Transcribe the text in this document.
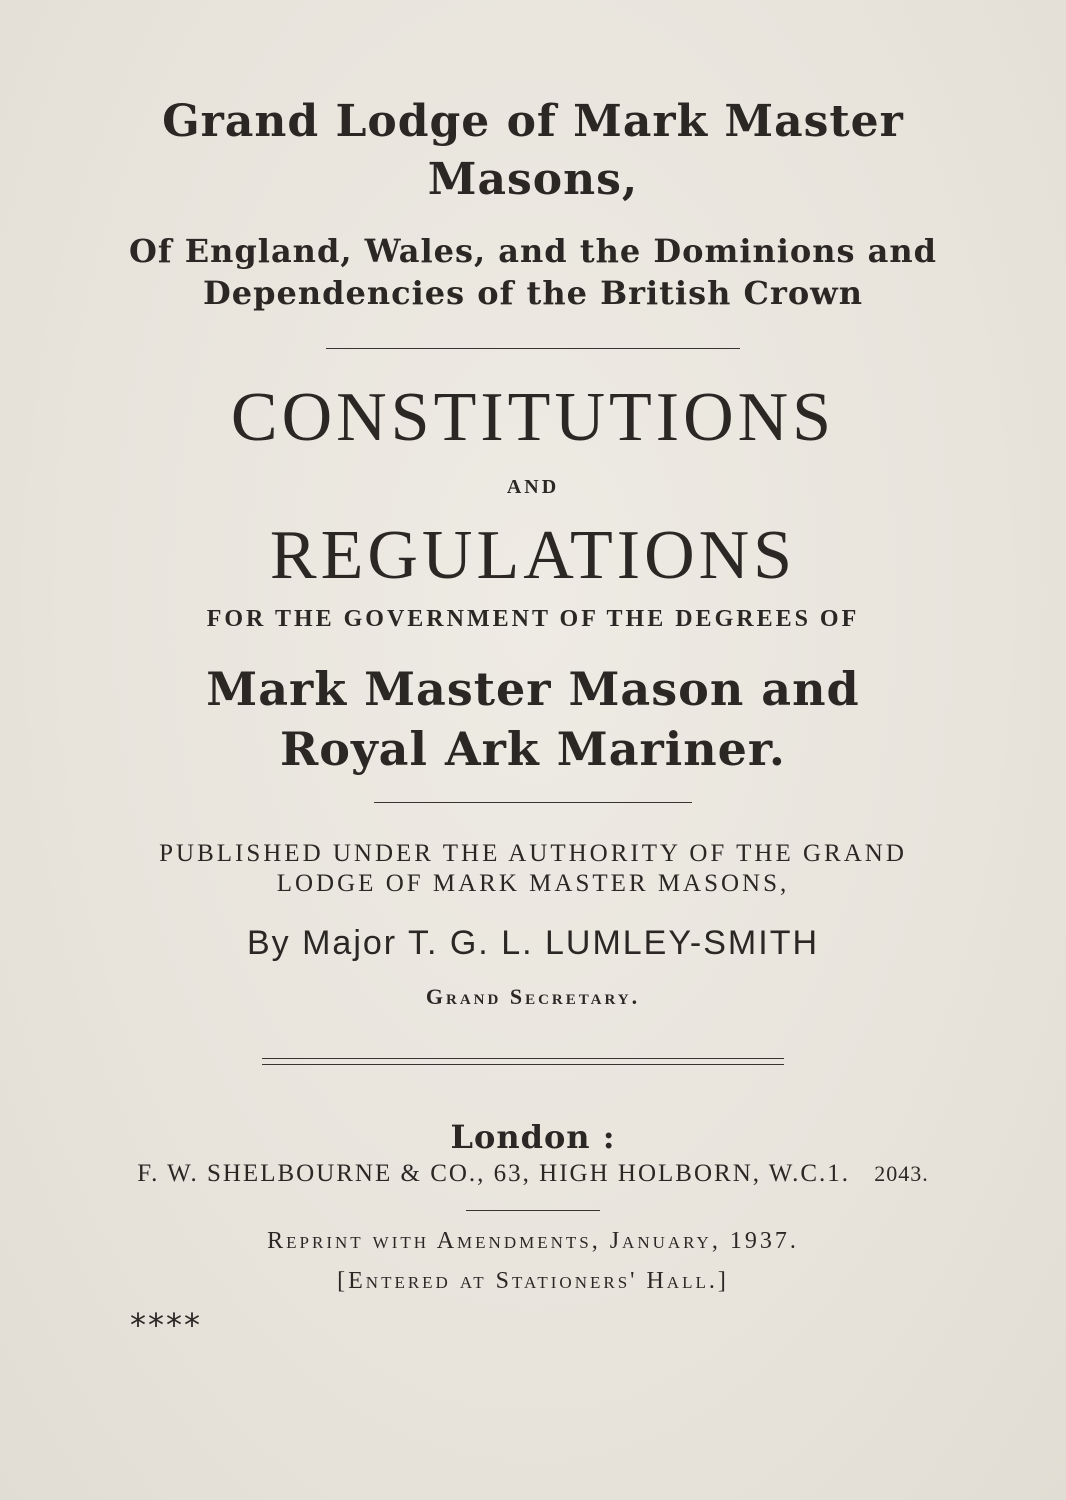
Grand Lodge of Mark Master
Masons,
Of England, Wales, and the Dominions and
Dependencies of the British Crown
CONSTITUTIONS
AND
REGULATIONS
FOR THE GOVERNMENT OF THE DEGREES OF
Mark Master Mason and
Royal Ark Mariner.
PUBLISHED UNDER THE AUTHORITY OF THE GRAND
LODGE OF MARK MASTER MASONS,
By Major T. G. L. LUMLEY-SMITH
Grand Secretary.
London :
F. W. SHELBOURNE & CO., 63, HIGH HOLBORN, W.C.1. 2043.
Reprint with Amendments, January, 1937.
[Entered at Stationers' Hall.]
****
